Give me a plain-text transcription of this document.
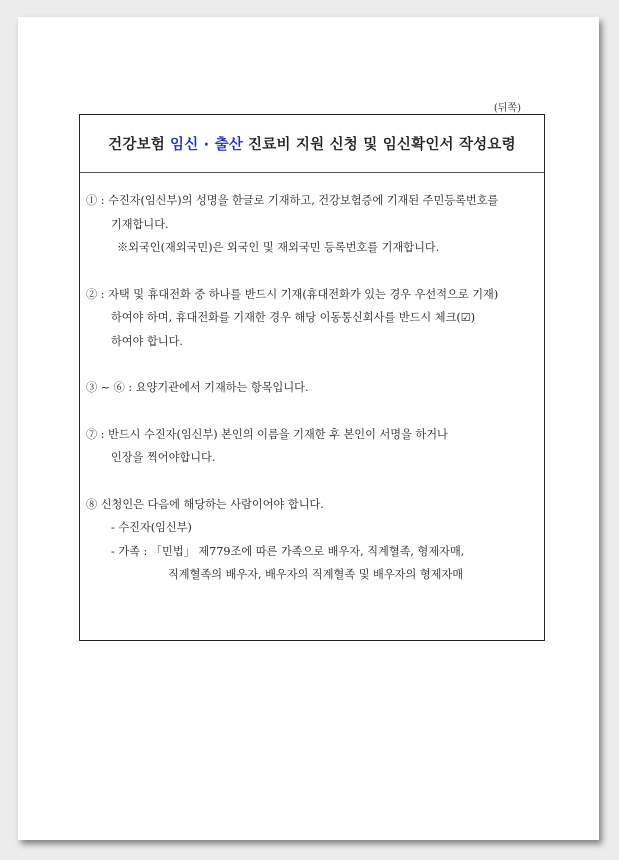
(뒤쪽)
건강보험 임신 · 출산 진료비 지원 신청 및 임신확인서 작성요령
① : 수진자(임신부)의 성명을 한글로 기재하고, 건강보험증에 기재된 주민등록번호를
기재합니다.
※외국인(재외국민)은 외국인 및 재외국민 등록번호를 기재합니다.
② : 자택 및 휴대전화 중 하나를 반드시 기재(휴대전화가 있는 경우 우선적으로 기재)
하여야 하며, 휴대전화를 기재한 경우 해당 이동통신회사를 반드시 체크(☑)
하여야 합니다.
③ ~ ⑥ : 요양기관에서 기재하는 항목입니다.
⑦ : 반드시 수진자(임신부) 본인의 이름을 기재한 후 본인이 서명을 하거나
인장을 찍어야합니다.
⑧ 신청인은 다음에 해당하는 사람이어야 합니다.
- 수진자(임신부)
- 가족 : 「민법」 제779조에 따른 가족으로 배우자, 직계혈족, 형제자매,
직계혈족의 배우자, 배우자의 직계혈족 및 배우자의 형제자매
